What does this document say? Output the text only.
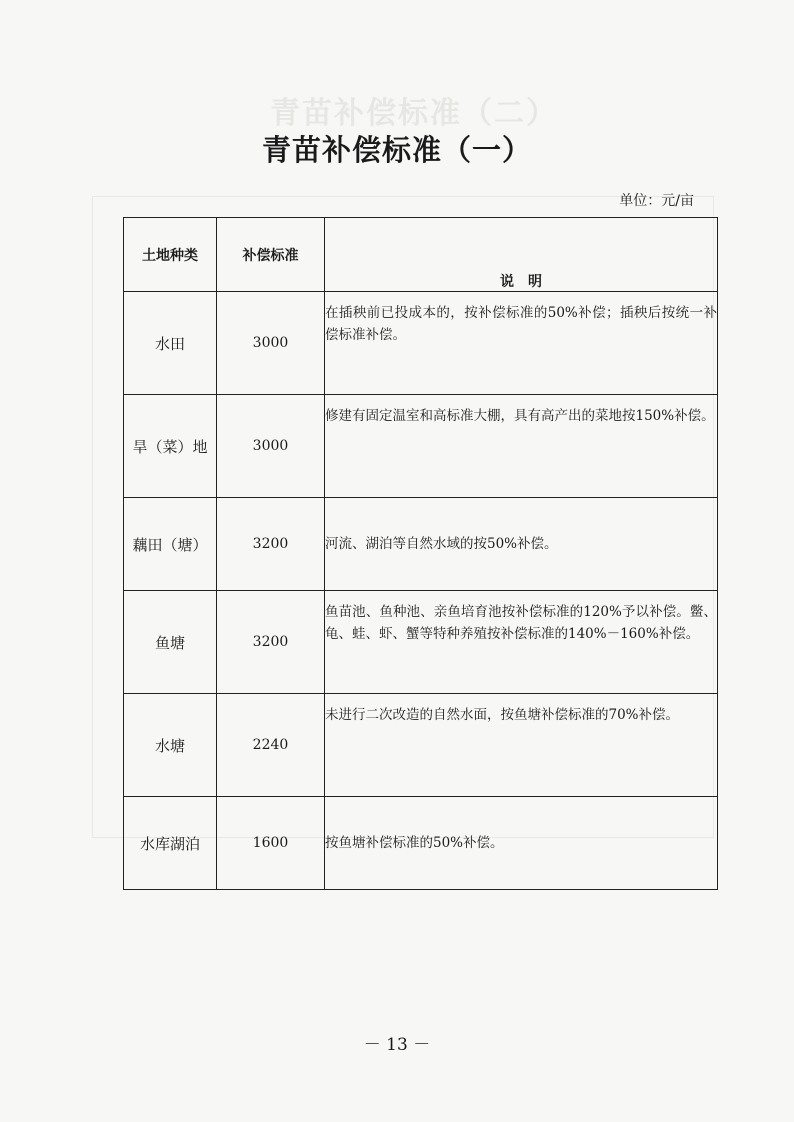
青苗补偿标准（二）
青苗补偿标准（一）
单位：元/亩
土地种类	补偿标准	说　明
水田	3000	在插秧前已投成本的，按补偿标准的50%补偿；插秧后按统一补偿标准补偿。
旱（菜）地	3000	修建有固定温室和高标准大棚，具有高产出的菜地按150%补偿。
藕田（塘）	3200	河流、湖泊等自然水域的按50%补偿。
鱼塘	3200	鱼苗池、鱼种池、亲鱼培育池按补偿标准的120%予以补偿。鳖、龟、蛙、虾、蟹等特种养殖按补偿标准的140%－160%补偿。
水塘	2240	未进行二次改造的自然水面，按鱼塘补偿标准的70%补偿。
水库湖泊	1600	按鱼塘补偿标准的50%补偿。
－ 13 －
